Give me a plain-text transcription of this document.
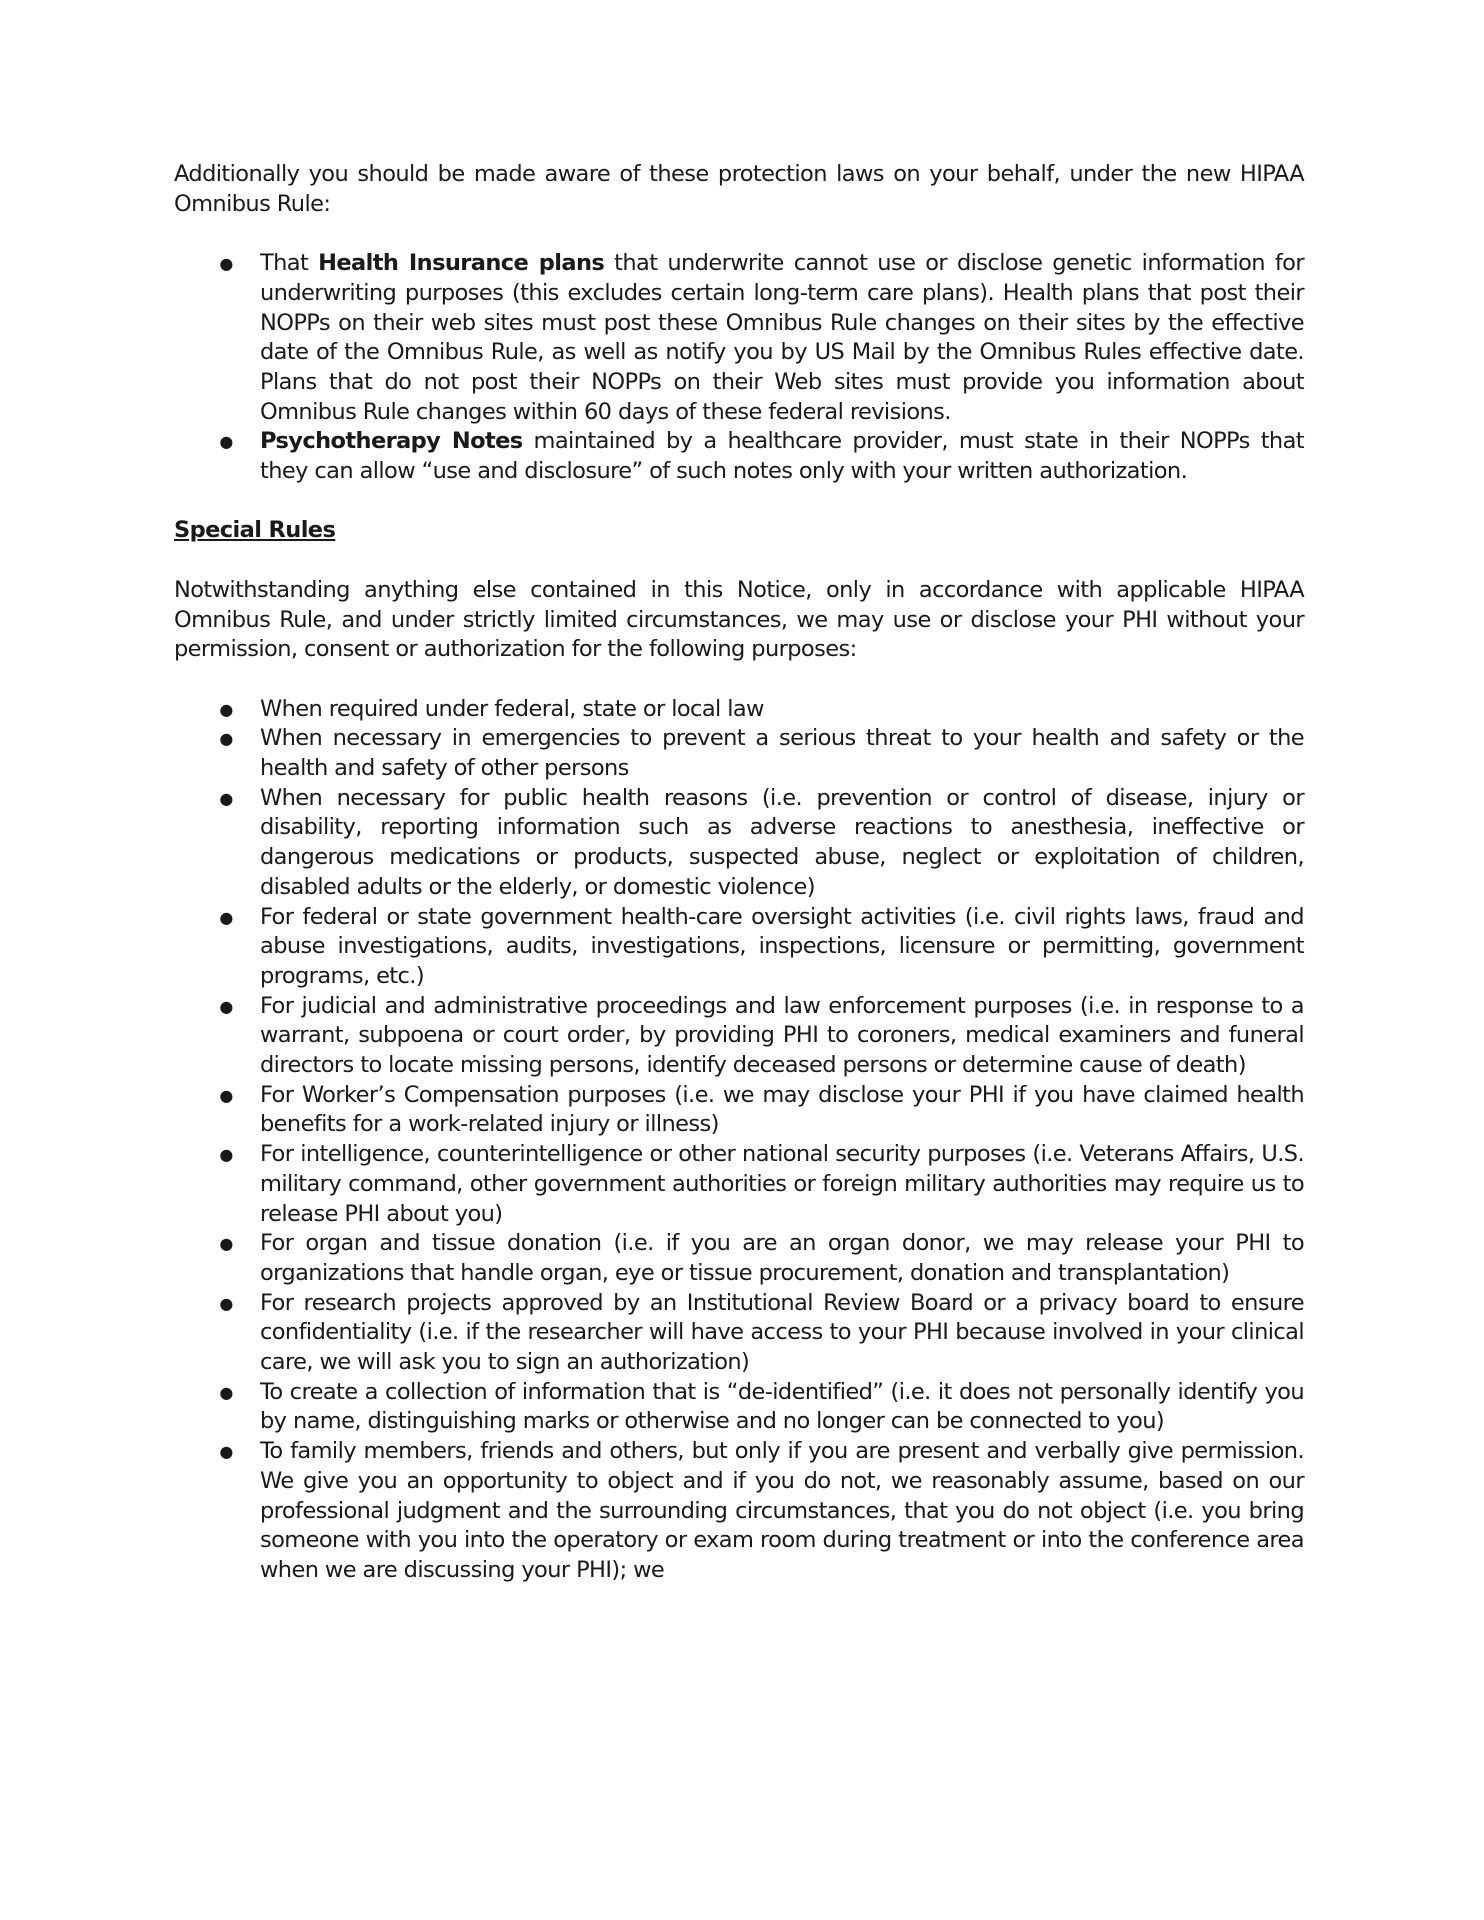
Additionally you should be made aware of these protection laws on your behalf, under the new HIPAA Omnibus Rule:

● That Health Insurance plans that underwrite cannot use or disclose genetic information for underwriting purposes (this excludes certain long-term care plans). Health plans that post their NOPPs on their web sites must post these Omnibus Rule changes on their sites by the effective date of the Omnibus Rule, as well as notify you by US Mail by the Omnibus Rules effective date. Plans that do not post their NOPPs on their Web sites must provide you information about Omnibus Rule changes within 60 days of these federal revisions.
● Psychotherapy Notes maintained by a healthcare provider, must state in their NOPPs that they can allow “use and disclosure” of such notes only with your written authorization.
Special Rules

Notwithstanding anything else contained in this Notice, only in accordance with applicable HIPAA Omnibus Rule, and under strictly limited circumstances, we may use or disclose your PHI without your permission, consent or authorization for the following purposes:

● When required under federal, state or local law
● When necessary in emergencies to prevent a serious threat to your health and safety or the health and safety of other persons
● When necessary for public health reasons (i.e. prevention or control of disease, injury or disability, reporting information such as adverse reactions to anesthesia, ineffective or dangerous medications or products, suspected abuse, neglect or exploitation of children, disabled adults or the elderly, or domestic violence)
● For federal or state government health-care oversight activities (i.e. civil rights laws, fraud and abuse investigations, audits, investigations, inspections, licensure or permitting, government programs, etc.)
● For judicial and administrative proceedings and law enforcement purposes (i.e. in response to a warrant, subpoena or court order, by providing PHI to coroners, medical examiners and funeral directors to locate missing persons, identify deceased persons or determine cause of death)
● For Worker’s Compensation purposes (i.e. we may disclose your PHI if you have claimed health benefits for a work-related injury or illness)
● For intelligence, counterintelligence or other national security purposes (i.e. Veterans Affairs, U.S. military command, other government authorities or foreign military authorities may require us to release PHI about you)
● For organ and tissue donation (i.e. if you are an organ donor, we may release your PHI to organizations that handle organ, eye or tissue procurement, donation and transplantation)
● For research projects approved by an Institutional Review Board or a privacy board to ensure confidentiality (i.e. if the researcher will have access to your PHI because involved in your clinical care, we will ask you to sign an authorization)
● To create a collection of information that is “de-identified” (i.e. it does not personally identify you by name, distinguishing marks or otherwise and no longer can be connected to you)
● To family members, friends and others, but only if you are present and verbally give permission. We give you an opportunity to object and if you do not, we reasonably assume, based on our professional judgment and the surrounding circumstances, that you do not object (i.e. you bring someone with you into the operatory or exam room during treatment or into the conference area when we are discussing your PHI); we
